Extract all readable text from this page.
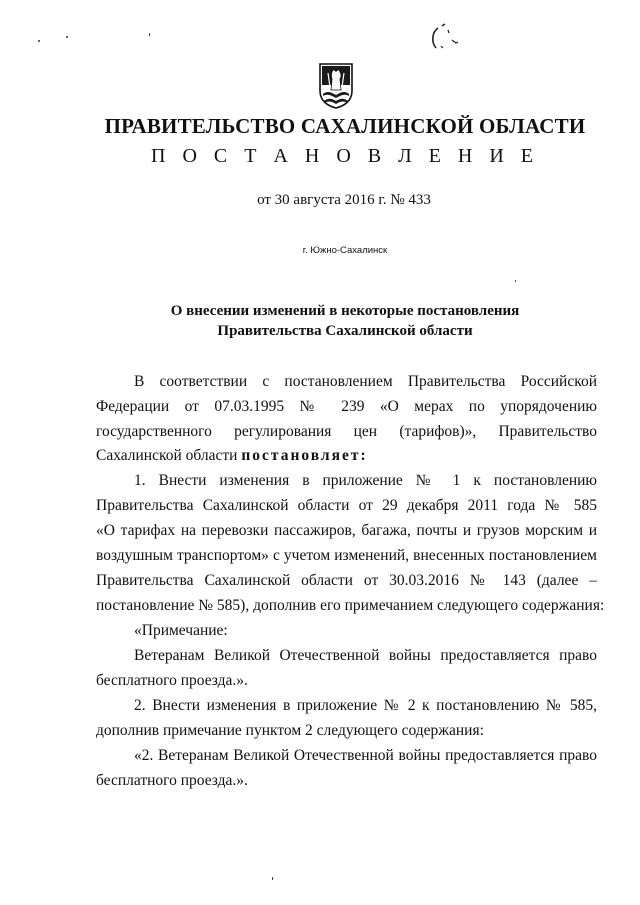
ПРАВИТЕЛЬСТВО САХАЛИНСКОЙ ОБЛАСТИ
П О С Т А Н О В Л Е Н И Е
от 30 августа 2016 г. № 433
г. Южно-Сахалинск
О внесении изменений в некоторые постановления
Правительства Сахалинской области
В соответствии с постановлением Правительства Российской
Федерации от 07.03.1995 № 239 «О мерах по упорядочению
государственного регулирования цен (тарифов)», Правительство
Сахалинской области постановляет:
1. Внести изменения в приложение № 1 к постановлению
Правительства Сахалинской области от 29 декабря 2011 года № 585
«О тарифах на перевозки пассажиров, багажа, почты и грузов морским и
воздушным транспортом» с учетом изменений, внесенных постановлением
Правительства Сахалинской области от 30.03.2016 № 143 (далее –
постановление № 585), дополнив его примечанием следующего содержания:
«Примечание:
Ветеранам Великой Отечественной войны предоставляется право
бесплатного проезда.».
2. Внести изменения в приложение № 2 к постановлению № 585,
дополнив примечание пунктом 2 следующего содержания:
«2. Ветеранам Великой Отечественной войны предоставляется право
бесплатного проезда.».
